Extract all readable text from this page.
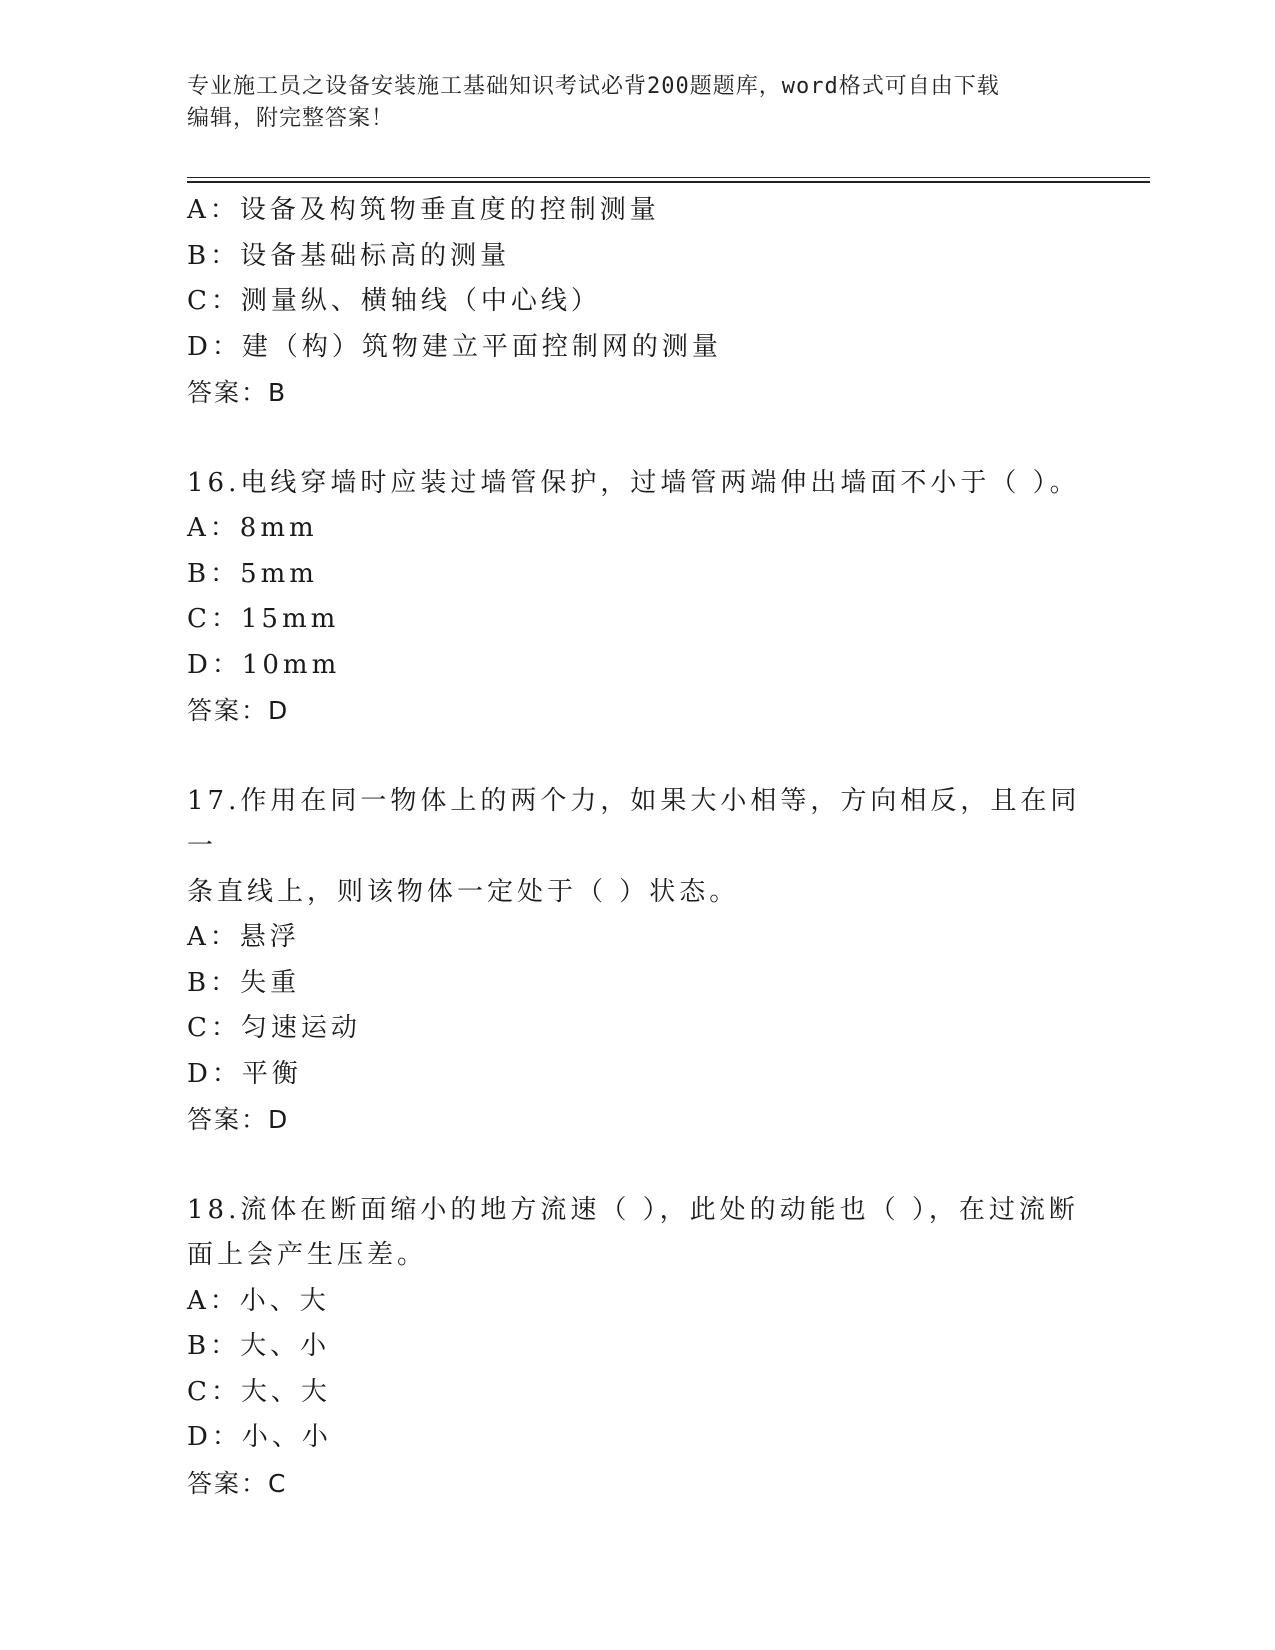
专业施工员之设备安装施工基础知识考试必背200题题库，word格式可自由下载
编辑，附完整答案！
A：设备及构筑物垂直度的控制测量
B：设备基础标高的测量
C：测量纵、横轴线（中心线）
D：建（构）筑物建立平面控制网的测量
答案：B
16.电线穿墙时应装过墙管保护，过墙管两端伸出墙面不小于（ ）。
A：8mm
B：5mm
C：15mm
D：10mm
答案：D
17.作用在同一物体上的两个力，如果大小相等，方向相反，且在同一
条直线上，则该物体一定处于（ ）状态。
A：悬浮
B：失重
C：匀速运动
D：平衡
答案：D
18.流体在断面缩小的地方流速（ ），此处的动能也（ ），在过流断
面上会产生压差。
A：小、大
B：大、小
C：大、大
D：小、小
答案：C
